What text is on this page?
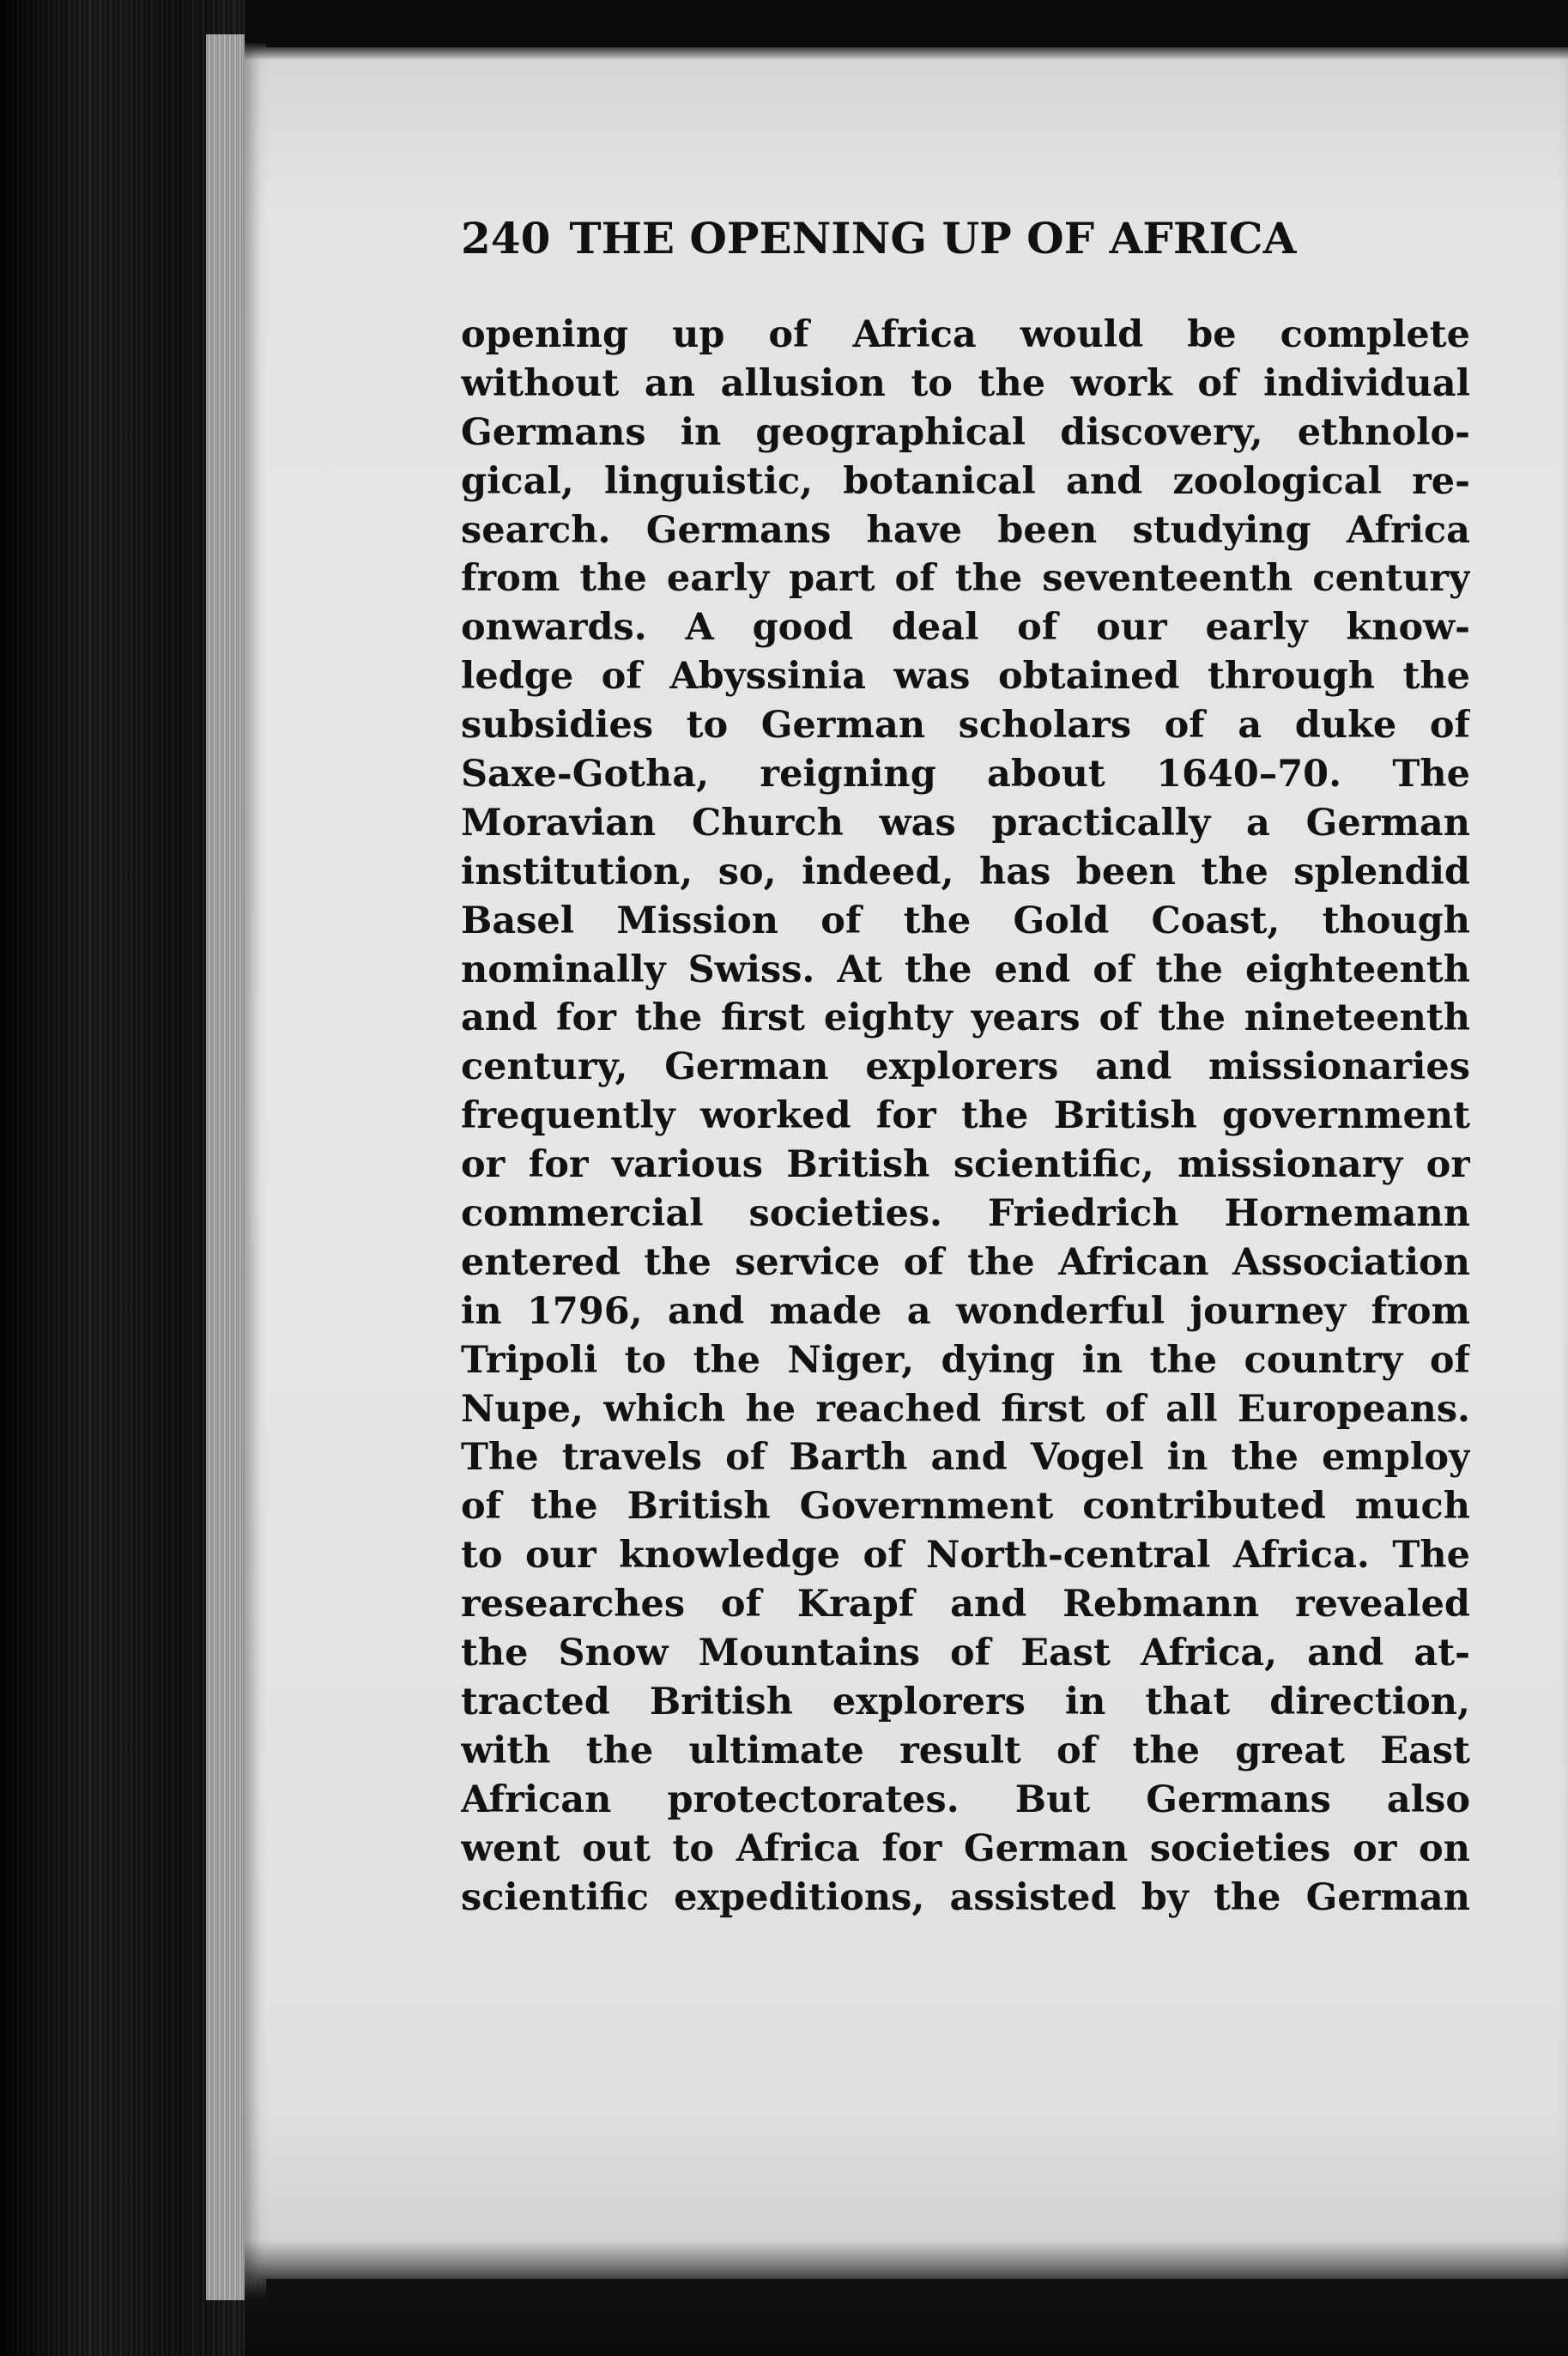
240 THE OPENING UP OF AFRICA
opening up of Africa would be complete
without an allusion to the work of individual
Germans in geographical discovery, ethnolo-
gical, linguistic, botanical and zoological re-
search. Germans have been studying Africa
from the early part of the seventeenth century
onwards. A good deal of our early know-
ledge of Abyssinia was obtained through the
subsidies to German scholars of a duke of
Saxe-Gotha, reigning about 1640–70. The
Moravian Church was practically a German
institution, so, indeed, has been the splendid
Basel Mission of the Gold Coast, though
nominally Swiss. At the end of the eighteenth
and for the first eighty years of the nineteenth
century, German explorers and missionaries
frequently worked for the British government
or for various British scientific, missionary or
commercial societies. Friedrich Hornemann
entered the service of the African Association
in 1796, and made a wonderful journey from
Tripoli to the Niger, dying in the country of
Nupe, which he reached first of all Europeans.
The travels of Barth and Vogel in the employ
of the British Government contributed much
to our knowledge of North-central Africa. The
researches of Krapf and Rebmann revealed
the Snow Mountains of East Africa, and at-
tracted British explorers in that direction,
with the ultimate result of the great East
African protectorates. But Germans also
went out to Africa for German societies or on
scientific expeditions, assisted by the German
